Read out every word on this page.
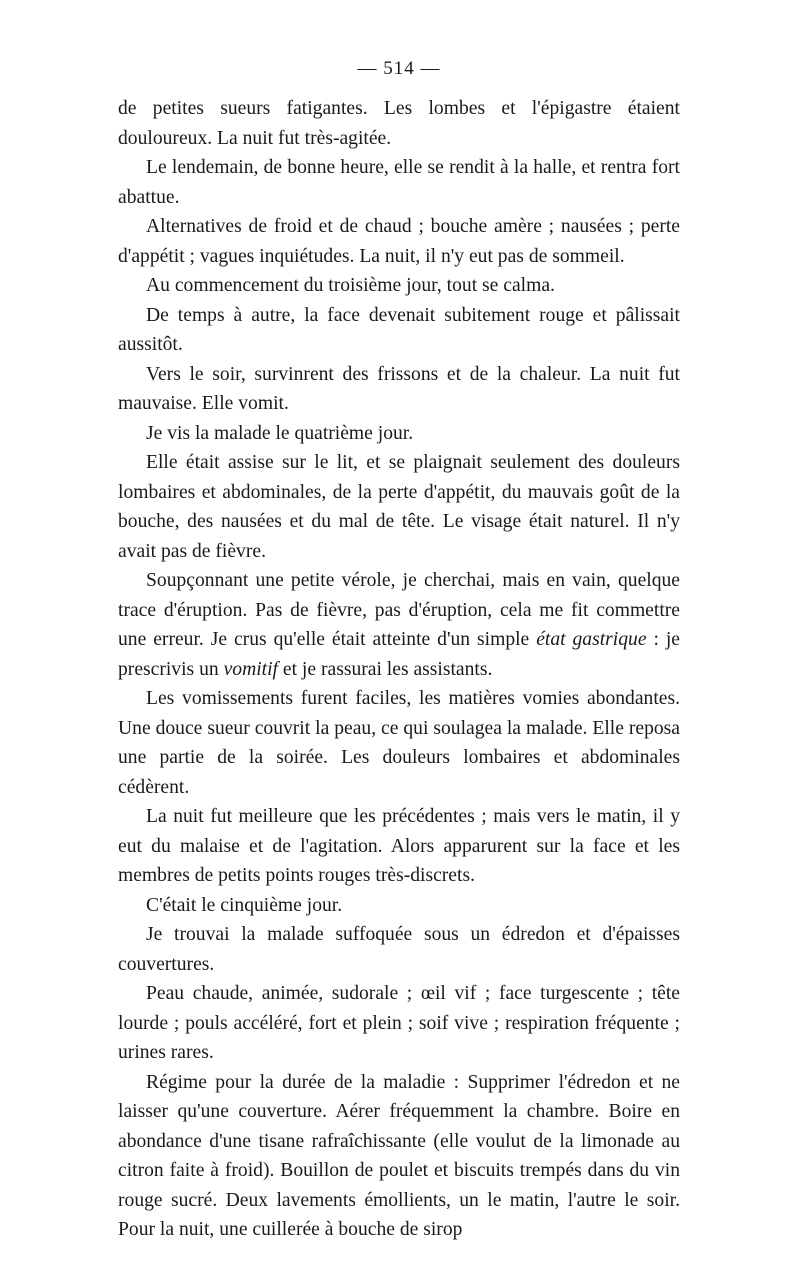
— 514 —

de petites sueurs fatigantes. Les lombes et l'épigastre étaient douloureux. La nuit fut très-agitée.

Le lendemain, de bonne heure, elle se rendit à la halle, et rentra fort abattue.

Alternatives de froid et de chaud ; bouche amère ; nausées ; perte d'appétit ; vagues inquiétudes. La nuit, il n'y eut pas de sommeil.

Au commencement du troisième jour, tout se calma.

De temps à autre, la face devenait subitement rouge et pâlissait aussitôt.

Vers le soir, survinrent des frissons et de la chaleur. La nuit fut mauvaise. Elle vomit.

Je vis la malade le quatrième jour.

Elle était assise sur le lit, et se plaignait seulement des douleurs lombaires et abdominales, de la perte d'appétit, du mauvais goût de la bouche, des nausées et du mal de tête. Le visage était naturel. Il n'y avait pas de fièvre.

Soupçonnant une petite vérole, je cherchai, mais en vain, quelque trace d'éruption. Pas de fièvre, pas d'éruption, cela me fit commettre une erreur. Je crus qu'elle était atteinte d'un simple état gastrique : je prescrivis un vomitif et je rassurai les assistants.

Les vomissements furent faciles, les matières vomies abondantes. Une douce sueur couvrit la peau, ce qui soulagea la malade. Elle reposa une partie de la soirée. Les douleurs lombaires et abdominales cédèrent.

La nuit fut meilleure que les précédentes ; mais vers le matin, il y eut du malaise et de l'agitation. Alors apparurent sur la face et les membres de petits points rouges très-discrets.

C'était le cinquième jour.

Je trouvai la malade suffoquée sous un édredon et d'épaisses couvertures.

Peau chaude, animée, sudorale ; œil vif ; face turgescente ; tête lourde ; pouls accéléré, fort et plein ; soif vive ; respiration fréquente ; urines rares.

Régime pour la durée de la maladie : Supprimer l'édredon et ne laisser qu'une couverture. Aérer fréquemment la chambre. Boire en abondance d'une tisane rafraîchissante (elle voulut de la limonade au citron faite à froid). Bouillon de poulet et biscuits trempés dans du vin rouge sucré. Deux lavements émollients, un le matin, l'autre le soir. Pour la nuit, une cuillerée à bouche de sirop
